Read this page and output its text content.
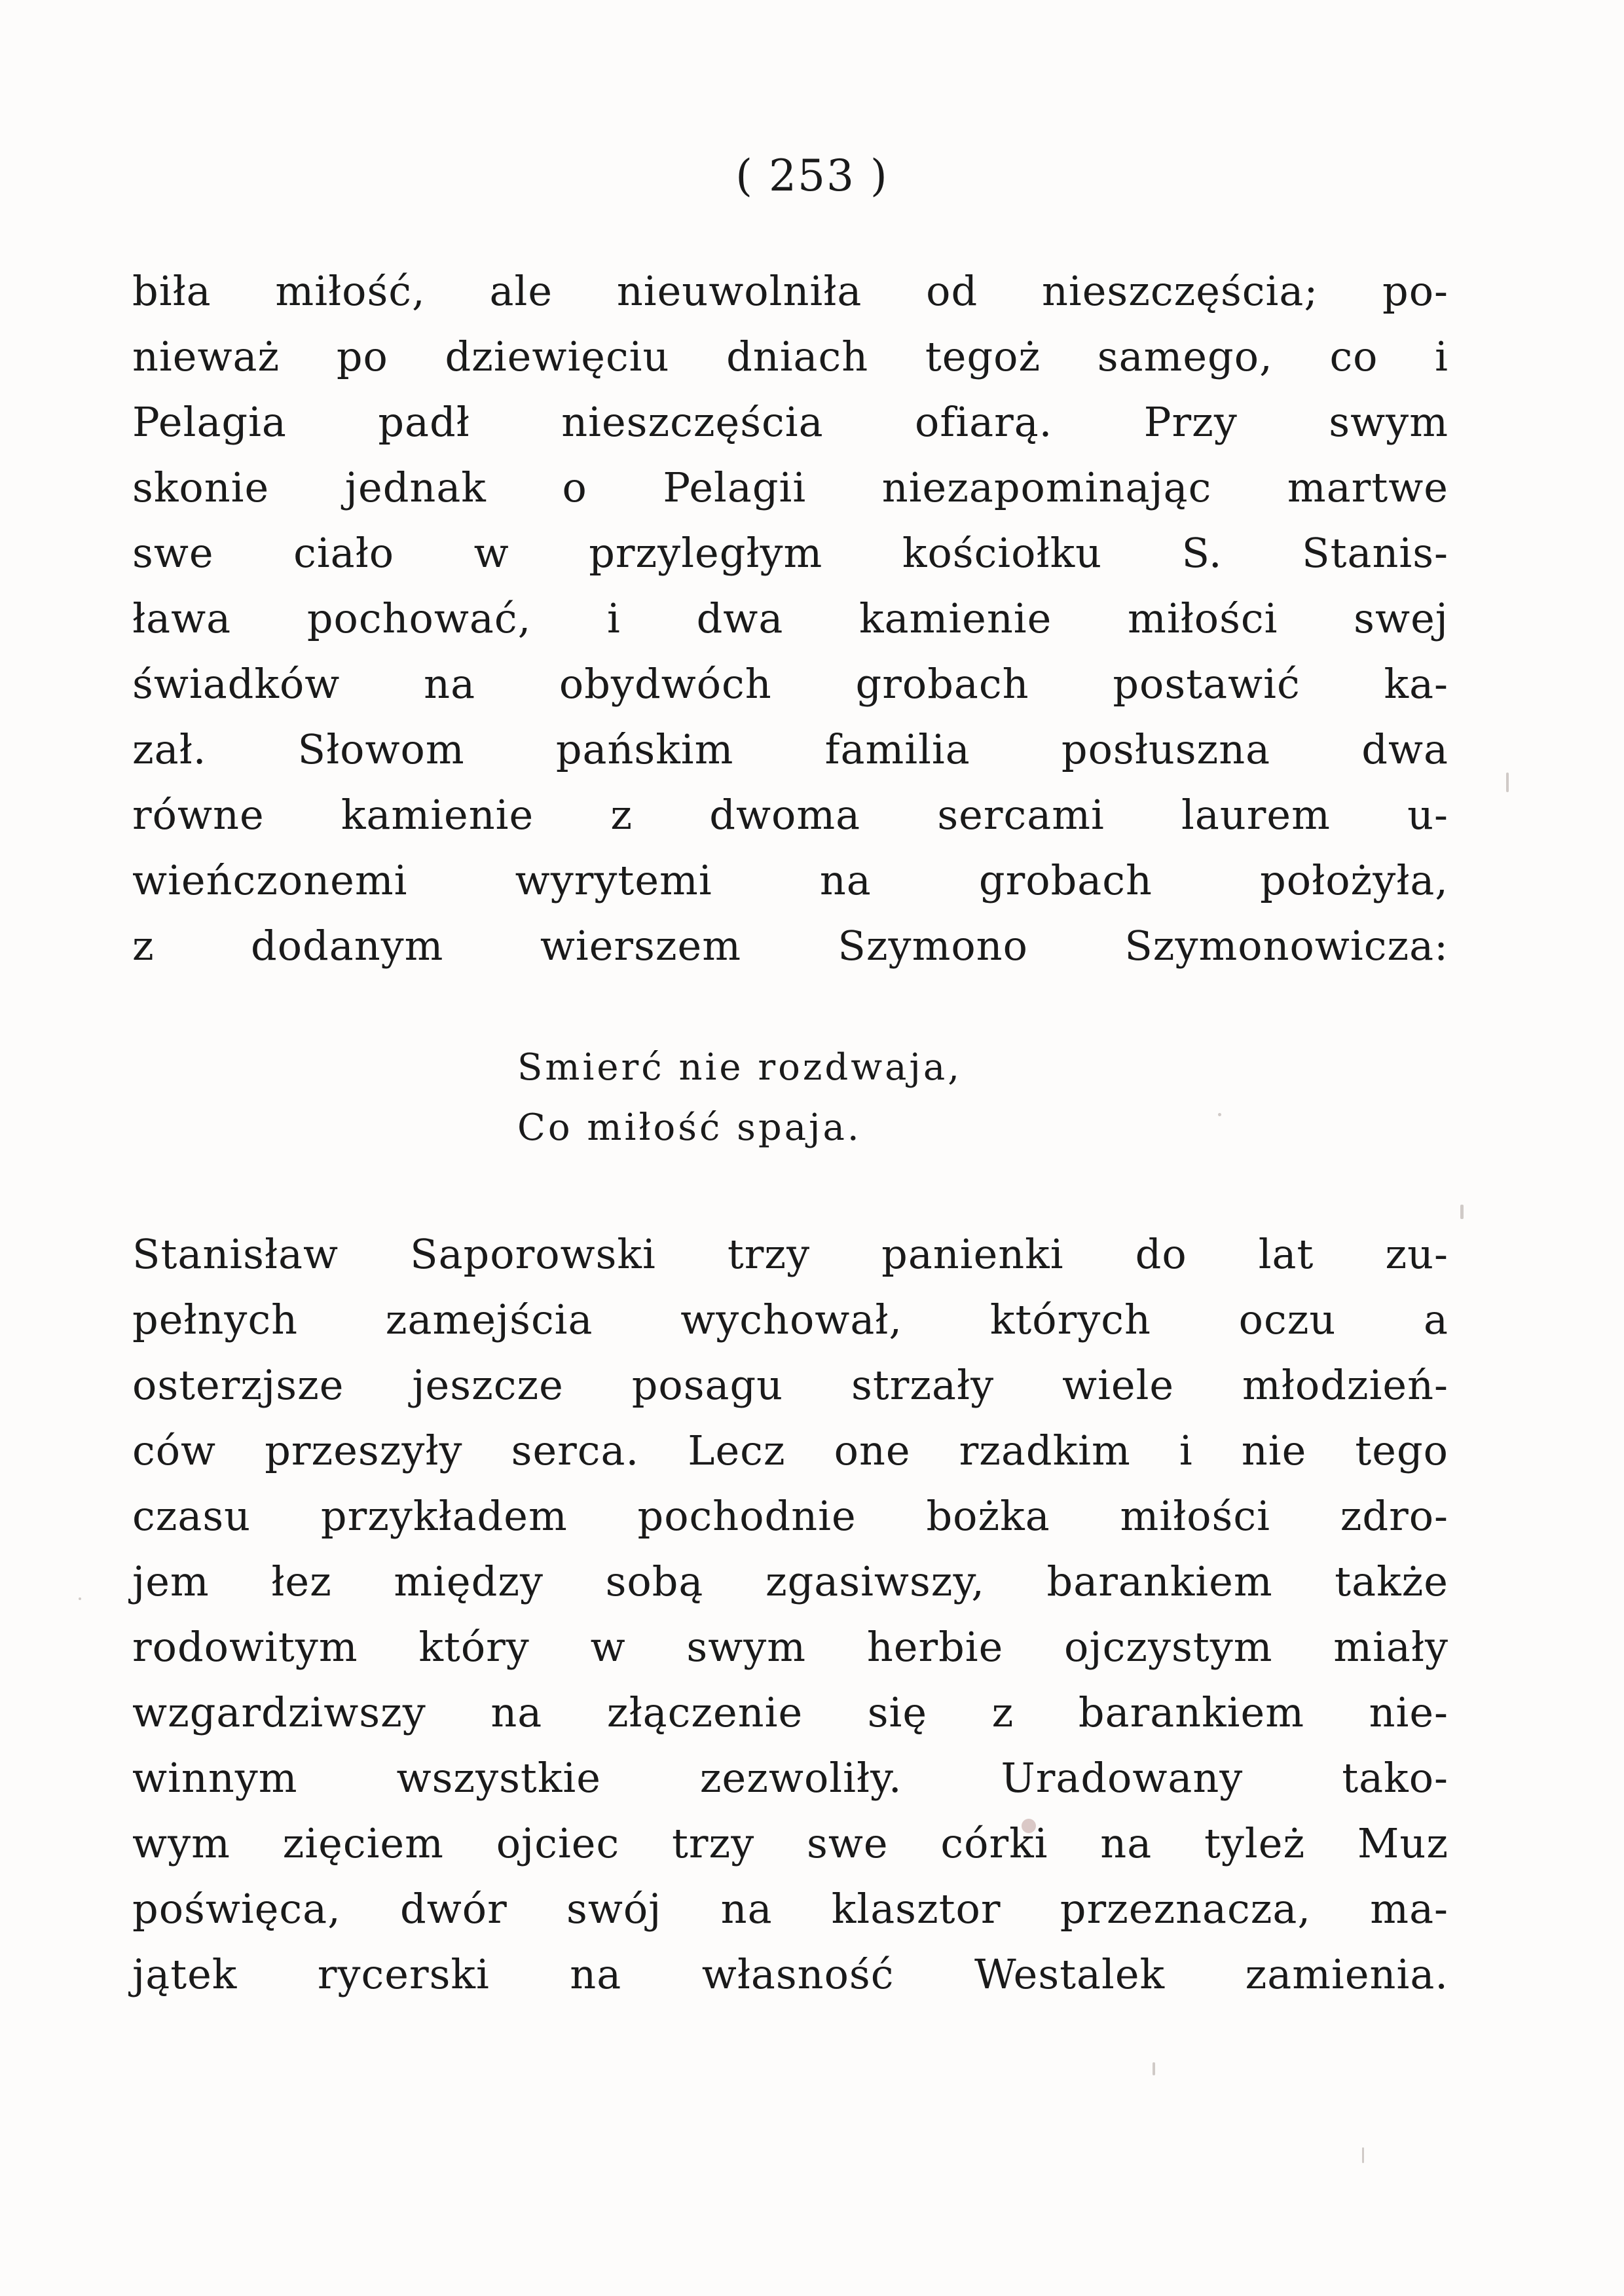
( 253 )
biła miłość, ale nieuwolniła od nieszczęścia; po-
nieważ po dziewięciu dniach tegoż samego, co i
Pelagia padł nieszczęścia ofiarą. Przy swym
skonie jednak o Pelagii niezapominając martwe
swe ciało w przyległym kościołku S. Stanis-
ława pochować, i dwa kamienie miłości swej
świadków na obydwóch grobach postawić ka-
zał. Słowom pańskim familia posłuszna dwa
równe kamienie z dwoma sercami laurem u-
wieńczonemi wyrytemi na grobach położyła,
z dodanym wierszem Szymono Szymonowicza:
Smierć nie rozdwaja,
Co miłość spaja.
Stanisław Saporowski trzy panienki do lat zu-
pełnych zamejścia wychował, których oczu a
osterzjsze jeszcze posagu strzały wiele młodzień-
ców przeszyły serca. Lecz one rzadkim i nie tego
czasu przykładem pochodnie bożka miłości zdro-
jem łez między sobą zgasiwszy, barankiem także
rodowitym który w swym herbie ojczystym miały
wzgardziwszy na złączenie się z barankiem nie-
winnym wszystkie zezwoliły. Uradowany tako-
wym zięciem ojciec trzy swe córki na tyleż Muz
poświęca, dwór swój na klasztor przeznacza, ma-
jątek rycerski na własność Westalek zamienia.
